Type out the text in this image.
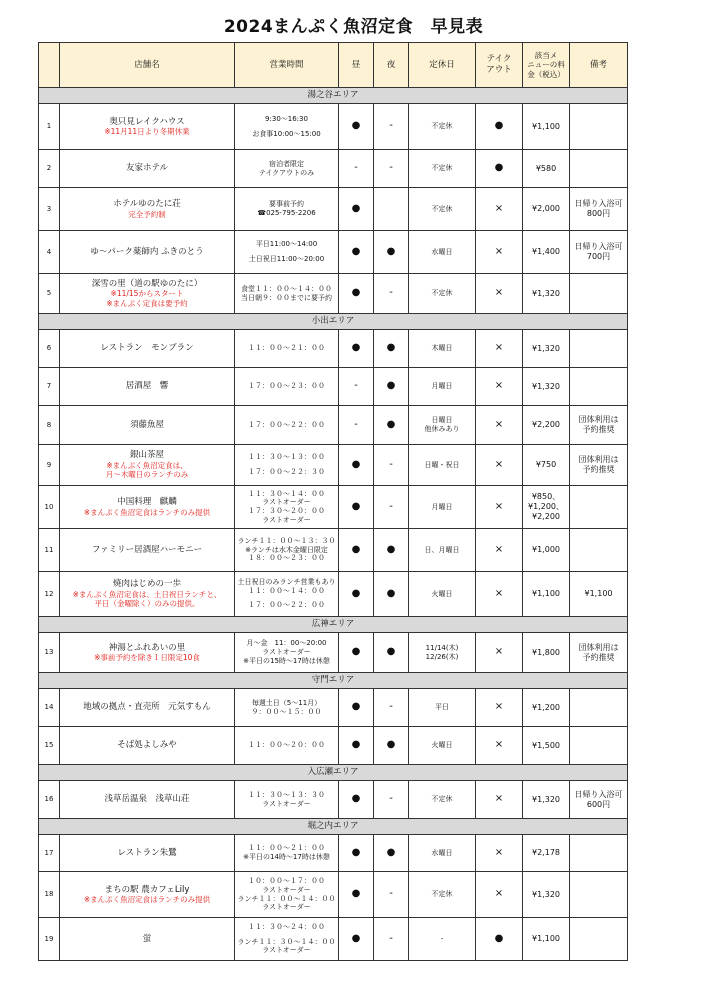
2024まんぷく魚沼定食　早見表
	店舗名	営業時間	昼	夜	定休日	テイク
アウト	該当メ
ニューの料
金（税込）	備考
湯之谷エリア								

1	奥只見レイクハウス
※11月11日より冬期休業	9:30～16:30
お食事10:00～15:00	●	-	不定休	●	¥1,100	

2	友家ホテル	宿泊者限定
テイクアウトのみ	-	-	不定休	●	¥580	

3	ホテルゆのたに荘
完全予約制	要事前予約
☎025-795-2206	●		不定休	×	¥2,000	日帰り入浴可
800円

4	ゆ～パーク薬師内 ふきのとう	平日11:00～14:00
土日祝日11:00～20:00	●	●	水曜日	×	¥1,400	日帰り入浴可
700円

5	深雪の里（道の駅ゆのたに）
※11/15からスタート
※まんぷく定食は要予約	食堂１１：００～１４：００
当日朝９：００までに要予約	●	-	不定休	×	¥1,320	

小出エリア								

6	レストラン　モンブラン	１１：００～２１：００	●	●	木曜日	×	¥1,320	

7	居酒屋　響	１７：００～２３：００	-	●	月曜日	×	¥1,320	

8	須藤魚屋	１７：００～２２：００	-	●	日曜日
他休みあり	×	¥2,200	団体利用は
予約推奨

9	銀山茶屋
※まんぷく魚沼定食は、
月～木曜日のランチのみ	１１：３０～１３：００
１７：００～２２：３０	●	-	日曜・祝日	×	¥750	団体利用は
予約推奨

10	中国料理　麒麟
※まんぷく魚沼定食はランチのみ提供	１１：３０～１４：００
ラストオーダー
１７：３０～２０：００
ラストオーダー	●	-	月曜日	×	¥850、
¥1,200、
¥2,200	

11	ファミリー居酒屋ハーモニー	ランチ１１：００～１３：３０
※ランチは水木金曜日限定
１８：００～２３：００	●	●	日、月曜日	×	¥1,000	

12	焼肉はじめの一歩
※まんぷく魚沼定食は、土日祝日ランチと、
平日（金曜除く）のみの提供。	土日祝日のみランチ営業もあり
１１：００～１４：００
１７：００～２２：００	●	●	火曜日	×	¥1,100	¥1,100

広神エリア								

13	神湯とふれあいの里
※事前予約を除き１日限定10食	月～金　11：00～20:00
ラストオーダー
※平日の15時～17時は休憩	●	●	11/14(木)
12/26(木)	×	¥1,800	団体利用は
予約推奨

守門エリア								

14	地域の拠点・直売所　元気すもん	毎週土日（5～11月）
９：００～１５：００	●	-	平日	×	¥1,200	

15	そば処よしみや	１１：００～２０：００	●	●	火曜日	×	¥1,500	

入広瀬エリア								

16	浅草岳温泉　浅草山荘	１１：３０～１３：３０
ラストオーダー	●	-	不定休	×	¥1,320	日帰り入浴可
600円

堀之内エリア								

17	レストラン朱鷺	１１：００～２１：００
※平日の14時～17時は休憩	●	●	水曜日	×	¥2,178	

18	まちの駅 農カフェLily
※まんぷく魚沼定食はランチのみ提供	１０：００～１７：００
ラストオーダー
ランチ１１：００～１４：００
ラストオーダー	●	-	不定休	×	¥1,320	

19	蛍	１１：３０～２４：００
ランチ１１：３０～１４：００
ラストオーダー	●	-	-	●	¥1,100	
